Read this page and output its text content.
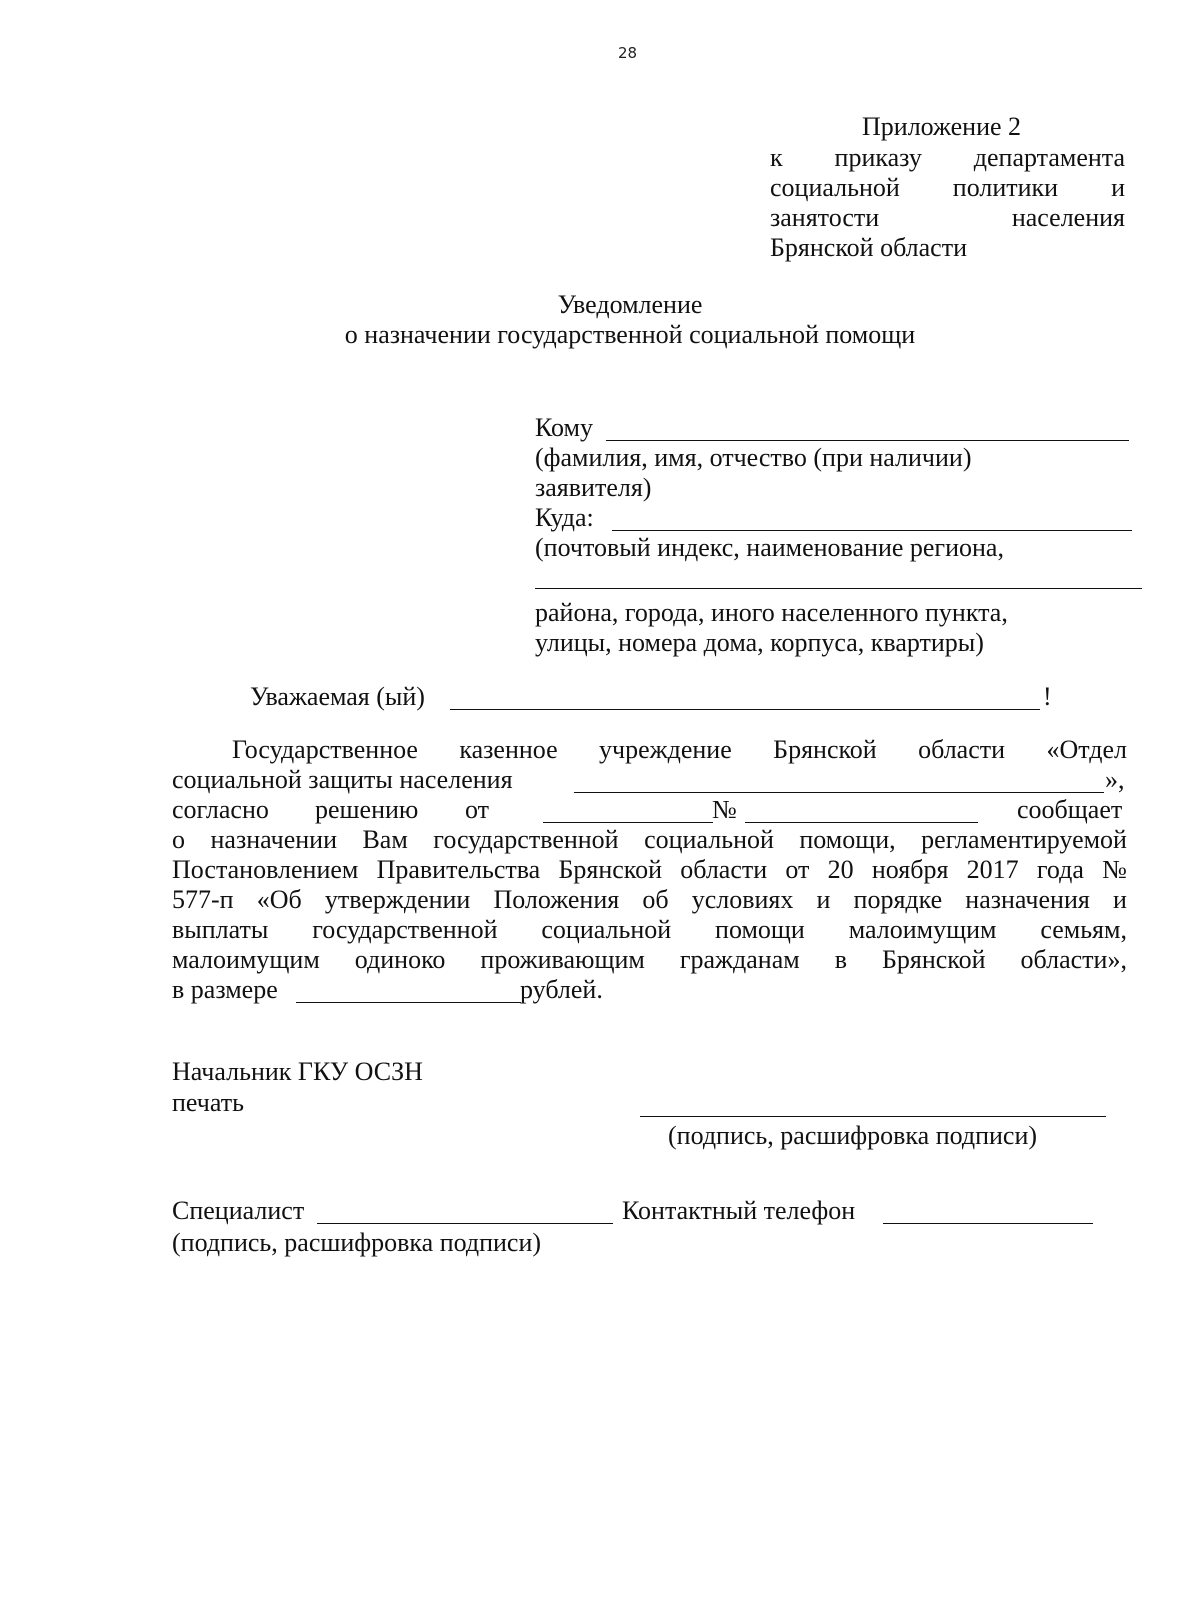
28
Приложение 2
к приказу департамента
социальной политики и
занятости	населения
Брянской области
Уведомление
о назначении государственной социальной помощи
Кому
(фамилия, имя, отчество (при наличии)
заявителя)
Куда:
(почтовый индекс, наименование региона,
района, города, иного населенного пункта,
улицы, номера дома, корпуса, квартиры)
Уважаемая (ый)	!
Государственное казенное учреждение Брянской области «Отдел
социальной защиты населения	»,
согласно решению от	№	сообщает
о назначении Вам государственной социальной помощи, регламентируемой
Постановлением Правительства Брянской области от 20 ноября 2017 года №
577-п «Об утверждении Положения об условиях и порядке назначения и
выплаты государственной социальной помощи малоимущим семьям,
малоимущим одиноко проживающим гражданам в Брянской области»,
в размере	рублей.
Начальник ГКУ ОСЗН
печать
(подпись, расшифровка подписи)
Специалист	Контактный телефон
(подпись, расшифровка подписи)
